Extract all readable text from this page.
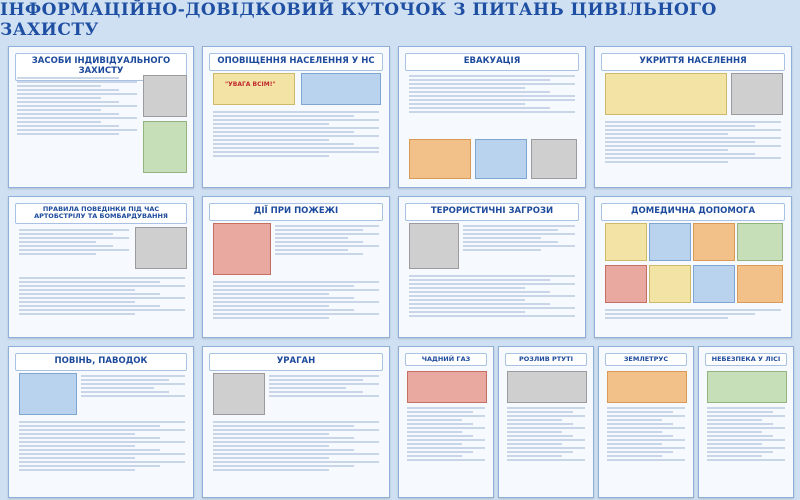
ІНФОРМАЦІЙНО-ДОВІДКОВИЙ КУТОЧОК З ПИТАНЬ ЦИВІЛЬНОГО ЗАХИСТУ
ЗАСОБИ ІНДИВІДУАЛЬНОГО ЗАХИСТУ
ОПОВІЩЕННЯ НАСЕЛЕННЯ У НС
"УВАГА ВСІМ!"
ЕВАКУАЦІЯ	УКРИТТЯ НАСЕЛЕННЯ
ПРАВИЛА ПОВЕДІНКИ ПІД ЧАС АРТОБСТРІЛУ ТА БОМБАРДУВАННЯ
ДІЇ ПРИ ПОЖЕЖІ	ТЕРОРИСТИЧНІ ЗАГРОЗИ	ДОМЕДИЧНА ДОПОМОГА
ПОВІНЬ, ПАВОДОК	УРАГАН	ЧАДНИЙ ГАЗ	РОЗЛИВ РТУТІ	ЗЕМЛЕТРУС	НЕБЕЗПЕКА У ЛІСІ
